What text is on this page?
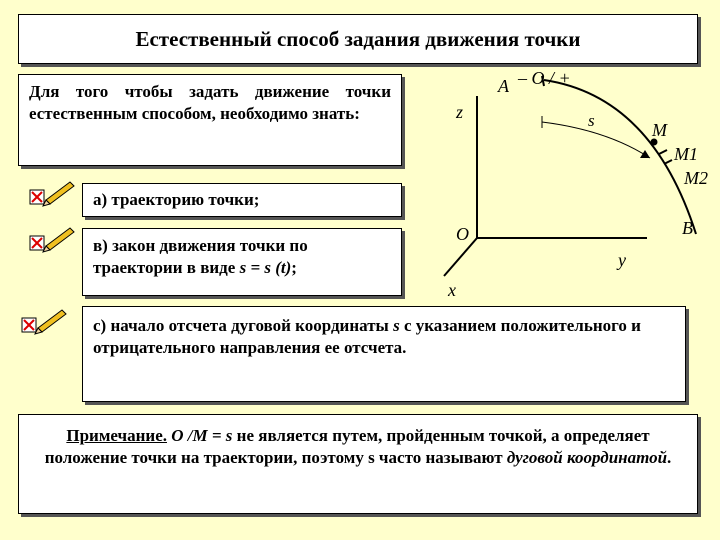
Естественный способ задания движения точки
Для того чтобы задать движение точки естественным способом, необходимо знать:
а) траекторию точки;
в) закон движения точки по траектории в виде s = s (t);
с) начало отсчета дуговой координаты s с указанием положительного и отрицательного направления ее отсчета.
Примечание. O /M = s не является путем, пройденным точкой, а определяет положение точки на траектории, поэтому s часто называют дуговой координатой.
z
O
x
y
A – O / +
s	M
M1
M2
B
